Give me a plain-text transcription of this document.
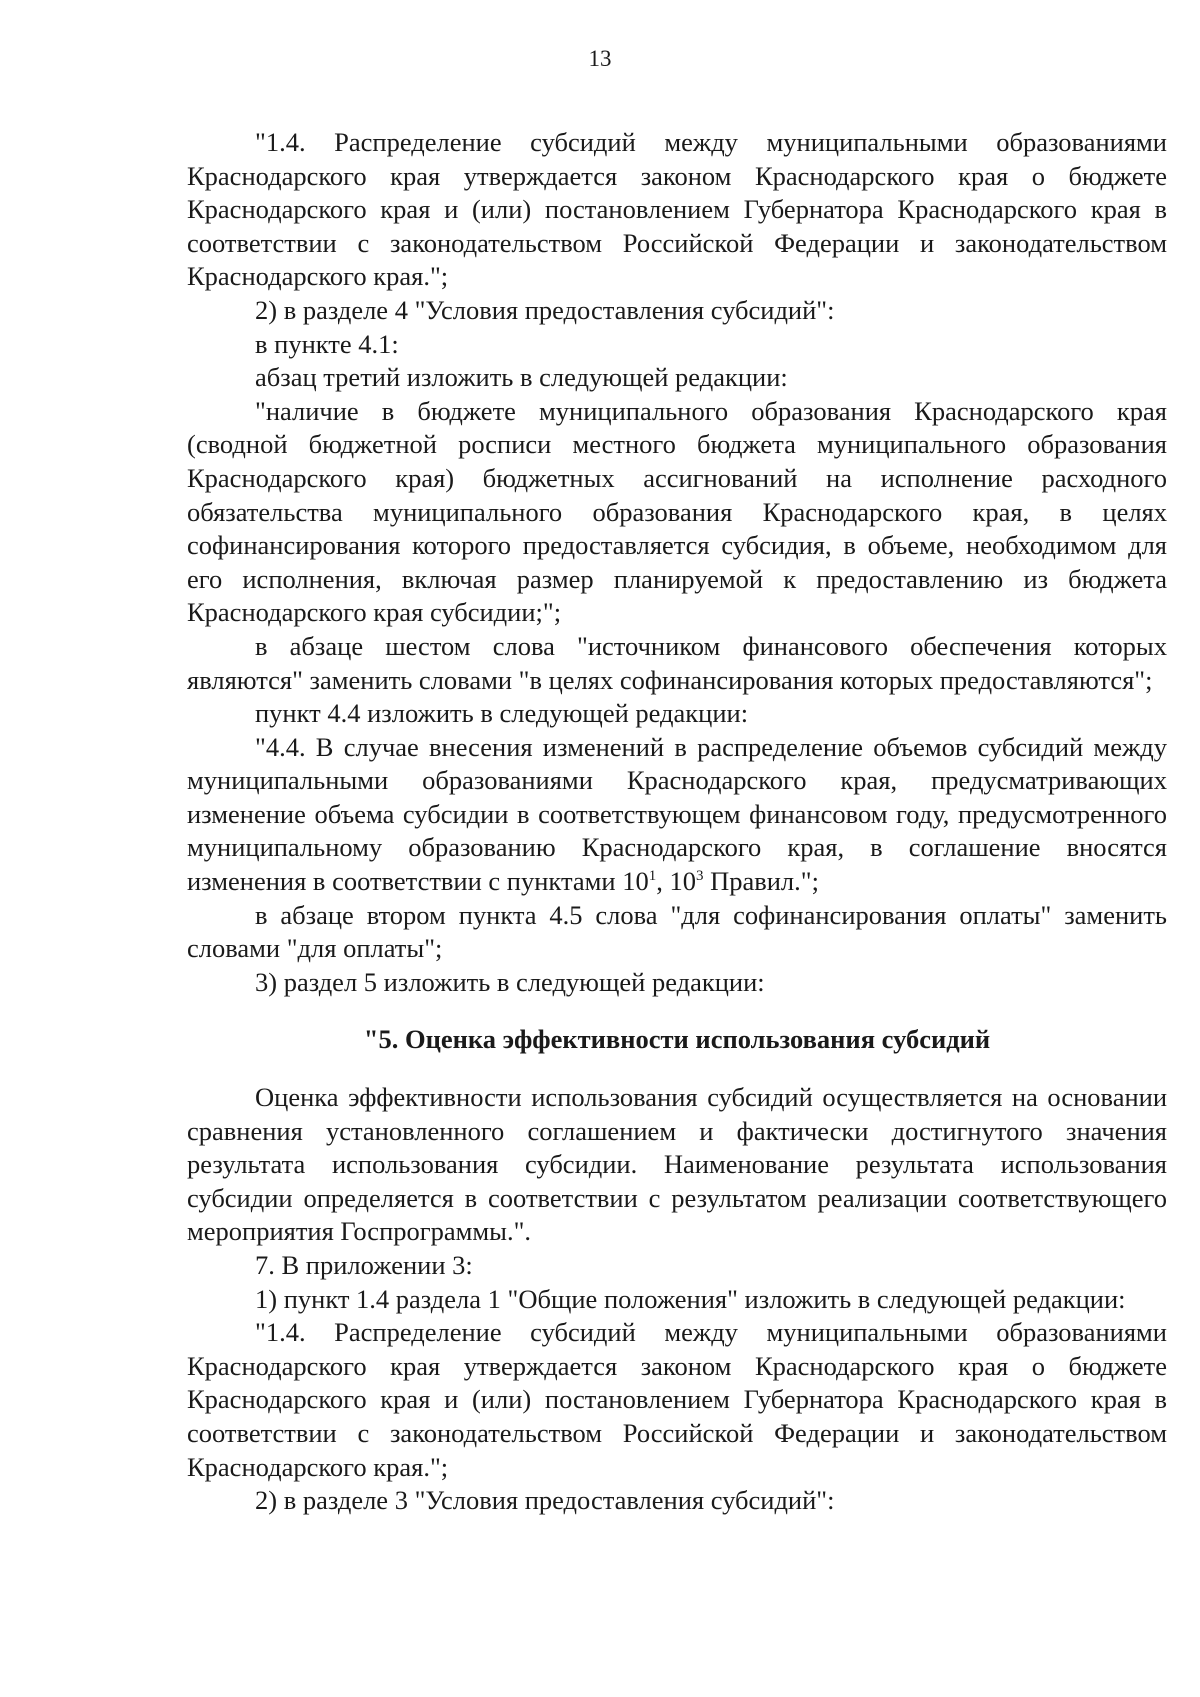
13

"1.4. Распределение субсидий между муниципальными образованиями Краснодарского края утверждается законом Краснодарского края о бюджете Краснодарского края и (или) постановлением Губернатора Краснодарского края в соответствии с законодательством Российской Федерации и законодательством Краснодарского края.";

2) в разделе 4 "Условия предоставления субсидий":

в пункте 4.1:

абзац третий изложить в следующей редакции:

"наличие в бюджете муниципального образования Краснодарского края (сводной бюджетной росписи местного бюджета муниципального образования Краснодарского края) бюджетных ассигнований на исполнение расходного обязательства муниципального образования Краснодарского края, в целях софинансирования которого предоставляется субсидия, в объеме, необходимом для его исполнения, включая размер планируемой к предоставлению из бюджета Краснодарского края субсидии;";

в абзаце шестом слова "источником финансового обеспечения которых являются" заменить словами "в целях софинансирования которых предоставляются";

пункт 4.4 изложить в следующей редакции:

"4.4. В случае внесения изменений в распределение объемов субсидий между муниципальными образованиями Краснодарского края, предусматривающих изменение объема субсидии в соответствующем финансовом году, предусмотренного муниципальному образованию Краснодарского края, в соглашение вносятся изменения в соответствии с пунктами $10^1$, $10^3$ Правил.";

в абзаце втором пункта 4.5 слова "для софинансирования оплаты" заменить словами "для оплаты";

3) раздел 5 изложить в следующей редакции:

"5. Оценка эффективности использования субсидий

Оценка эффективности использования субсидий осуществляется на основании сравнения установленного соглашением и фактически достигнутого значения результата использования субсидии. Наименование результата использования субсидии определяется в соответствии с результатом реализации соответствующего мероприятия Госпрограммы.".

7. В приложении 3:

1) пункт 1.4 раздела 1 "Общие положения" изложить в следующей редакции:

"1.4. Распределение субсидий между муниципальными образованиями Краснодарского края утверждается законом Краснодарского края о бюджете Краснодарского края и (или) постановлением Губернатора Краснодарского края в соответствии с законодательством Российской Федерации и законодательством Краснодарского края.";

2) в разделе 3 "Условия предоставления субсидий":
